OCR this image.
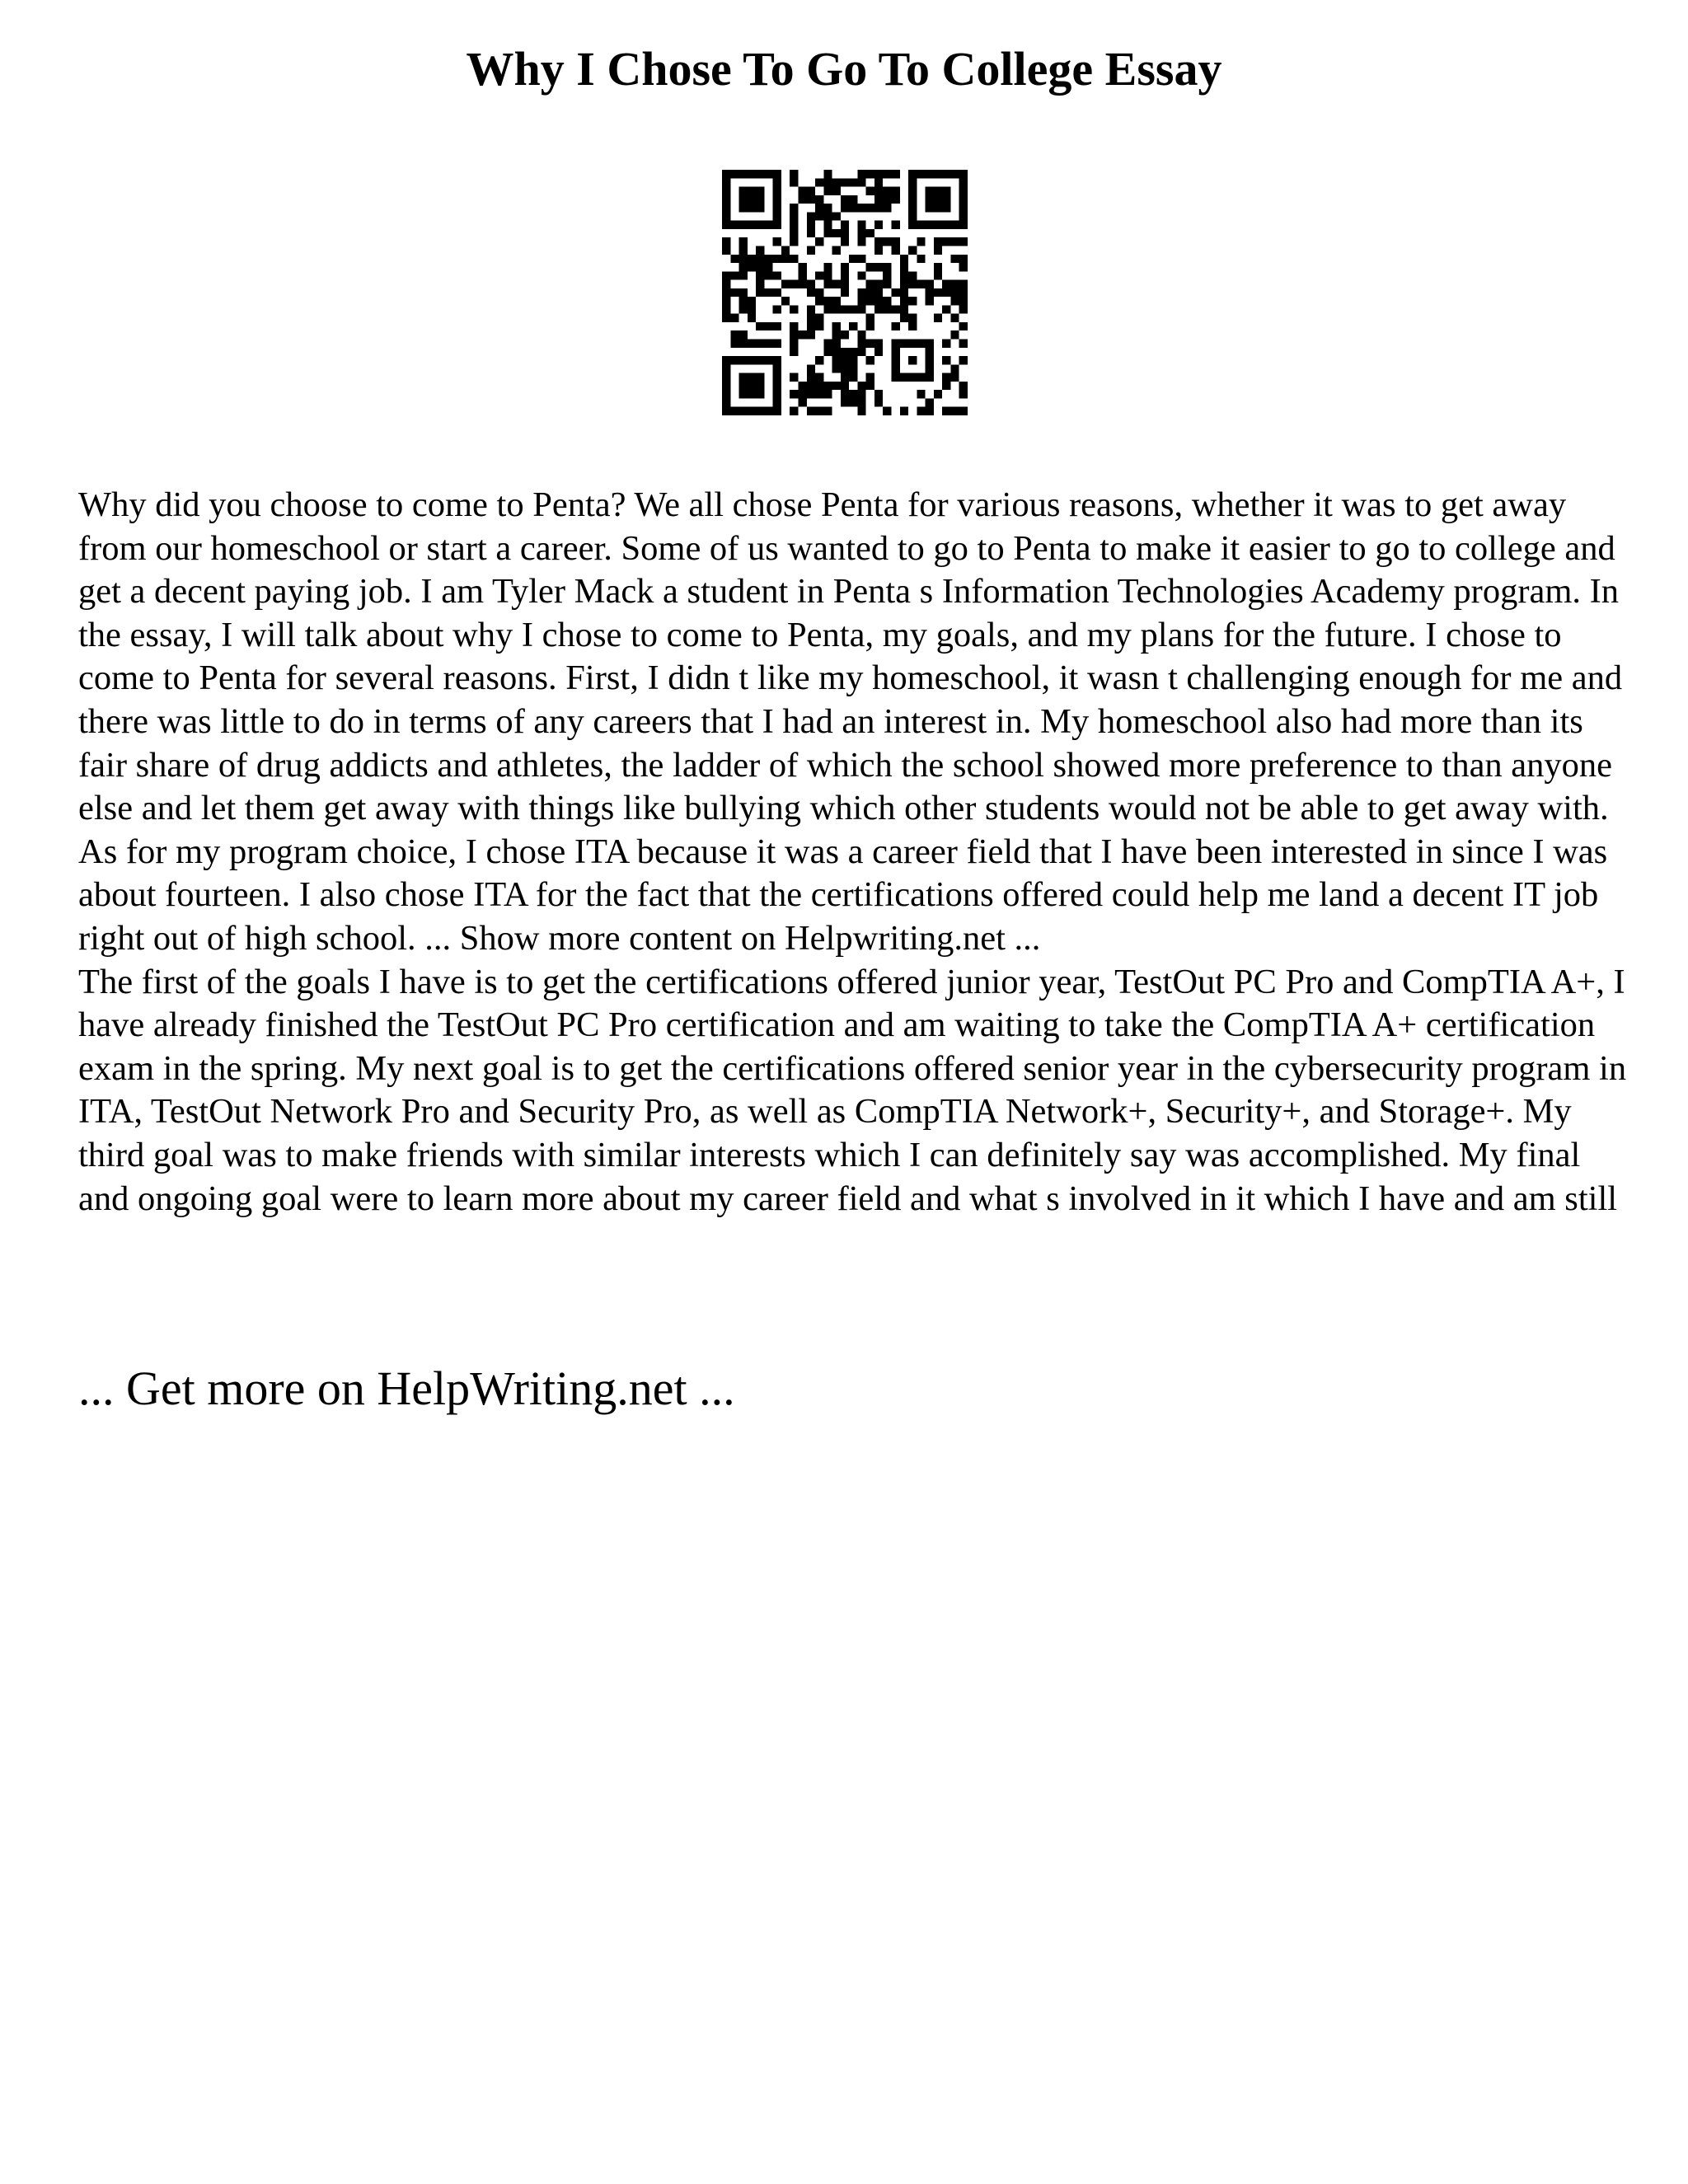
Why I Chose To Go To College Essay

Why did you choose to come to Penta? We all chose Penta for various reasons, whether it was to get away from our homeschool or start a career. Some of us wanted to go to Penta to make it easier to go to college and get a decent paying job. I am Tyler Mack a student in Penta s Information Technologies Academy program. In the essay, I will talk about why I chose to come to Penta, my goals, and my plans for the future. I chose to come to Penta for several reasons. First, I didn t like my homeschool, it wasn t challenging enough for me and there was little to do in terms of any careers that I had an interest in. My homeschool also had more than its fair share of drug addicts and athletes, the ladder of which the school showed more preference to than anyone else and let them get away with things like bullying which other students would not be able to get away with. As for my program choice, I chose ITA because it was a career field that I have been interested in since I was about fourteen. I also chose ITA for the fact that the certifications offered could help me land a decent IT job right out of high school. ... Show more content on Helpwriting.net ...

The first of the goals I have is to get the certifications offered junior year, TestOut PC Pro and CompTIA A+, I have already finished the TestOut PC Pro certification and am waiting to take the CompTIA A+ certification exam in the spring. My next goal is to get the certifications offered senior year in the cybersecurity program in ITA, TestOut Network Pro and Security Pro, as well as CompTIA Network+, Security+, and Storage+. My third goal was to make friends with similar interests which I can definitely say was accomplished. My final and ongoing goal were to learn more about my career field and what s involved in it which I have and am still

... Get more on HelpWriting.net ...
